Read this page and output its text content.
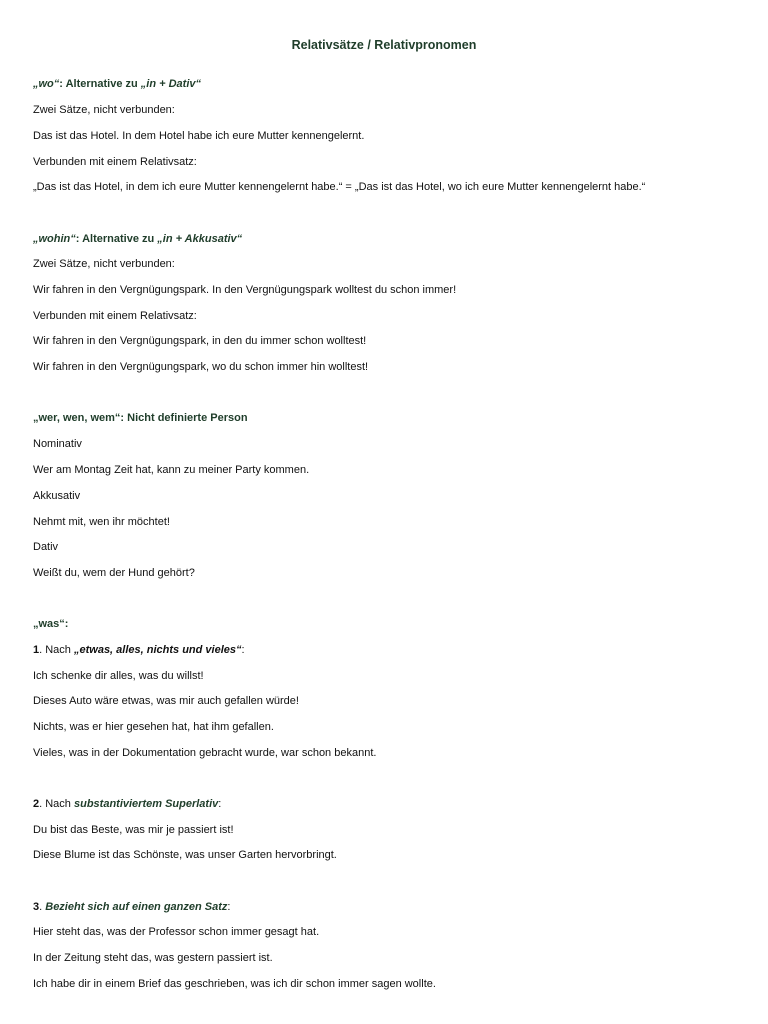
Relativsätze / Relativpronomen
„wo“: Alternative zu „in + Dativ“
Zwei Sätze, nicht verbunden:
Das ist das Hotel. In dem Hotel habe ich eure Mutter kennengelernt.
Verbunden mit einem Relativsatz:
„Das ist das Hotel, in dem ich eure Mutter kennengelernt habe.“ = „Das ist das Hotel, wo ich eure Mutter kennengelernt habe.“
„wohin“: Alternative zu „in + Akkusativ“
Zwei Sätze, nicht verbunden:
Wir fahren in den Vergnügungspark. In den Vergnügungspark wolltest du schon immer!
Verbunden mit einem Relativsatz:
Wir fahren in den Vergnügungspark, in den du immer schon wolltest!
Wir fahren in den Vergnügungspark, wo du schon immer hin wolltest!
„wer, wen, wem“: Nicht definierte Person
Nominativ
Wer am Montag Zeit hat, kann zu meiner Party kommen.
Akkusativ
Nehmt mit, wen ihr möchtet!
Dativ
Weißt du, wem der Hund gehört?
„was“:
1. Nach „etwas, alles, nichts und vieles“:
Ich schenke dir alles, was du willst!
Dieses Auto wäre etwas, was mir auch gefallen würde!
Nichts, was er hier gesehen hat, hat ihm gefallen.
Vieles, was in der Dokumentation gebracht wurde, war schon bekannt.
2. Nach substantiviertem Superlativ:
Du bist das Beste, was mir je passiert ist!
Diese Blume ist das Schönste, was unser Garten hervorbringt.
3. Bezieht sich auf einen ganzen Satz:
Hier steht das, was der Professor schon immer gesagt hat.
In der Zeitung steht das, was gestern passiert ist.
Ich habe dir in einem Brief das geschrieben, was ich dir schon immer sagen wollte.
